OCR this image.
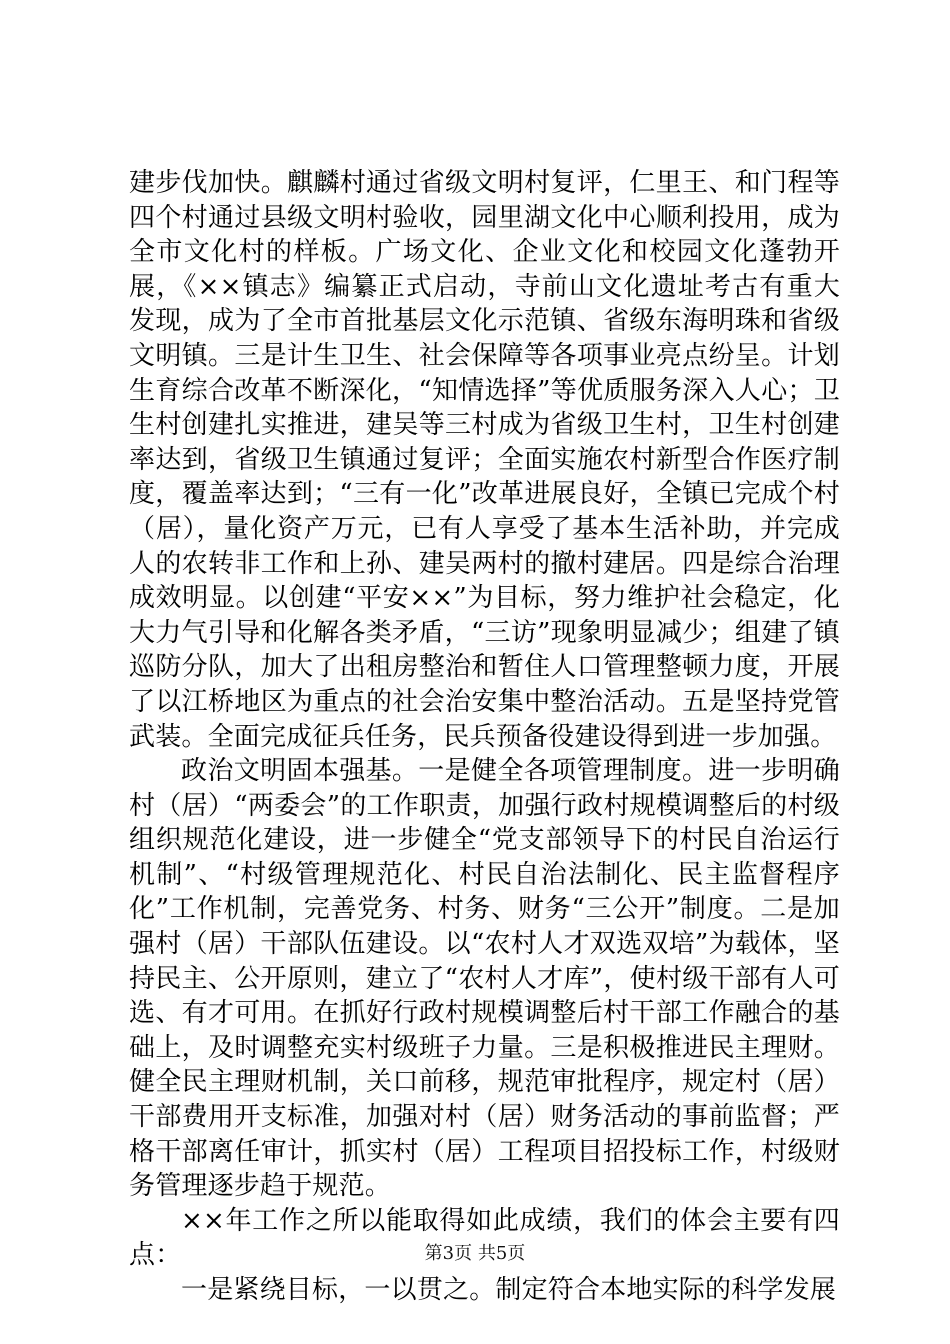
建步伐加快。麒麟村通过省级文明村复评，仁里王、和门程等四个村通过县级文明村验收，园里湖文化中心顺利投用，成为全市文化村的样板。广场文化、企业文化和校园文化蓬勃开展，《××镇志》编纂正式启动，寺前山文化遗址考古有重大发现，成为了全市首批基层文化示范镇、省级东海明珠和省级文明镇。三是计生卫生、社会保障等各项事业亮点纷呈。计划生育综合改革不断深化，“知情选择”等优质服务深入人心；卫生村创建扎实推进，建吴等三村成为省级卫生村，卫生村创建率达到，省级卫生镇通过复评；全面实施农村新型合作医疗制度，覆盖率达到；“三有一化”改革进展良好，全镇已完成个村（居），量化资产万元，已有人享受了基本生活补助，并完成人的农转非工作和上孙、建吴两村的撤村建居。四是综合治理成效明显。以创建“平安××”为目标，努力维护社会稳定，化大力气引导和化解各类矛盾，“三访”现象明显减少；组建了镇巡防分队，加大了出租房整治和暂住人口管理整顿力度，开展了以江桥地区为重点的社会治安集中整治活动。五是坚持党管武装。全面完成征兵任务，民兵预备役建设得到进一步加强。

政治文明固本强基。一是健全各项管理制度。进一步明确村（居）“两委会”的工作职责，加强行政村规模调整后的村级组织规范化建设，进一步健全“党支部领导下的村民自治运行机制”、“村级管理规范化、村民自治法制化、民主监督程序化”工作机制，完善党务、村务、财务“三公开”制度。二是加强村（居）干部队伍建设。以“农村人才双选双培”为载体，坚持民主、公开原则，建立了“农村人才库”，使村级干部有人可选、有才可用。在抓好行政村规模调整后村干部工作融合的基础上，及时调整充实村级班子力量。三是积极推进民主理财。健全民主理财机制，关口前移，规范审批程序，规定村（居）干部费用开支标准，加强对村（居）财务活动的事前监督；严格干部离任审计，抓实村（居）工程项目招投标工作，村级财务管理逐步趋于规范。

××年工作之所以能取得如此成绩，我们的体会主要有四点：

一是紧绕目标，一以贯之。制定符合本地实际的科学发展

第3页 共5页
